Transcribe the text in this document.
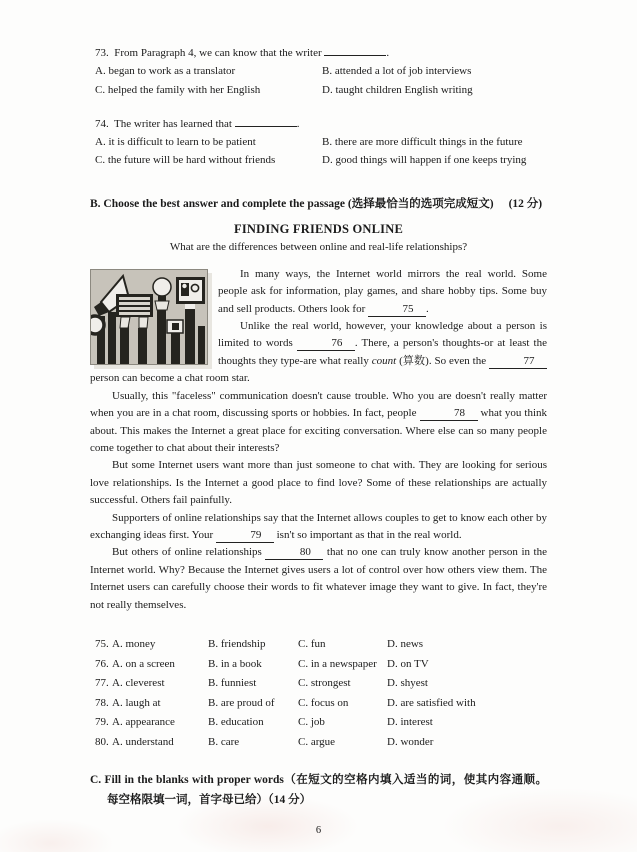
73.  From Paragraph 4, we can know that the writer	.
A. began to work as a translator	B. attended a lot of job interviews
C. helped the family with her English	D. taught children English writing
74.  The writer has learned that	.
A. it is difficult to learn to be patient	B. there are more difficult things in the future
C. the future will be hard without friends	D. good things will happen if one keeps trying
B. Choose the best answer and complete the passage (选择最恰当的选项完成短文) (12 分)
FINDING FRIENDS ONLINE
What are the differences between online and real-life relationships?

In many ways, the Internet world mirrors the real world. Some people ask for information, play games, and share hobby tips. Some buy and sell products. Others look for	75 .

Unlike the real world, however, your knowledge about a person is limited to words	76 . There, a person's thoughts-or at least the thoughts they type-are what really count (算数). So even the	77 person can become a chat room star.

Usually, this "faceless" communication doesn't cause trouble. Who you are doesn't really matter when you are in a chat room, discussing sports or hobbies. In fact, people	78 what you think about. This makes the Internet a great place for exciting conversation. Where else can so many people come together to chat about their interests?

But some Internet users want more than just someone to chat with. They are looking for serious love relationships. Is the Internet a good place to find love? Some of these relationships are actually successful. Others fail painfully.

Supporters of online relationships say that the Internet allows couples to get to know each other by exchanging ideas first. Your	79 isn't so important as that in the real world.

But others of online relationships	80 that no one can truly know another person in the Internet world. Why? Because the Internet gives users a lot of control over how others view them. The Internet users can carefully choose their words to fit whatever image they want to give. In fact, they're not really themselves.

75. A. money	B. friendship	C. fun	D. news
76. A. on a screen	B. in a book	C. in a newspaper D. on TV
77. A. cleverest	B. funniest	C. strongest	D. shyest
78. A. laugh at	B. are proud of	C. focus on	D. are satisfied with
79. A. appearance	B. education	C. job	D. interest
80. A. understand	B. care	C. argue	D. wonder
C. Fill in the blanks with proper words（在短文的空格内填入适当的词，使其内容通顺。 每空格限填一词，首字母已给）（14 分）
6
